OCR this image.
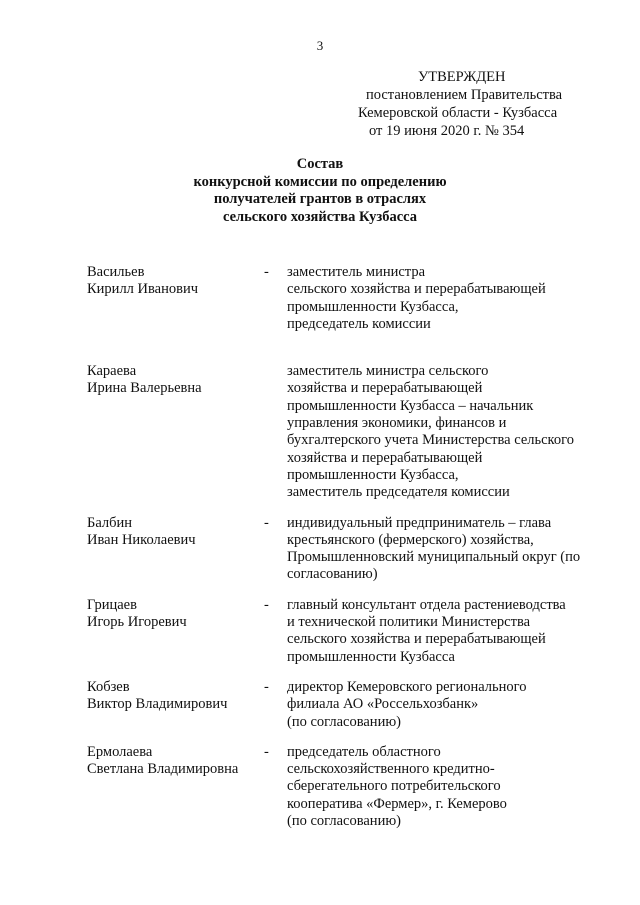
3
УТВЕРЖДЕН
постановлением Правительства
Кемеровской области - Кузбасса
от 19 июня 2020 г. № 354
Состав
конкурсной комиссии по определению
получателей грантов в отраслях
сельского хозяйства Кузбасса
Васильев
Кирилл Иванович
- заместитель министра
сельского хозяйства и перерабатывающей
промышленности Кузбасса,
председатель комиссии
Караева
Ирина Валерьевна
заместитель министра сельского
хозяйства и перерабатывающей
промышленности Кузбасса – начальник
управления экономики, финансов и
бухгалтерского учета Министерства сельского
хозяйства и перерабатывающей
промышленности Кузбасса,
заместитель председателя комиссии
Балбин
Иван Николаевич
- индивидуальный предприниматель – глава
крестьянского (фермерского) хозяйства,
Промышленновский муниципальный округ (по
согласованию)
Грицаев
Игорь Игоревич
- главный консультант отдела растениеводства
и технической политики Министерства
сельского хозяйства и перерабатывающей
промышленности Кузбасса
Кобзев
Виктор Владимирович
- директор Кемеровского регионального
филиала АО «Россельхозбанк»
(по согласованию)
Ермолаева
Светлана Владимировна
- председатель областного
сельскохозяйственного кредитно-
сберегательного потребительского
кооператива «Фермер», г. Кемерово
(по согласованию)
